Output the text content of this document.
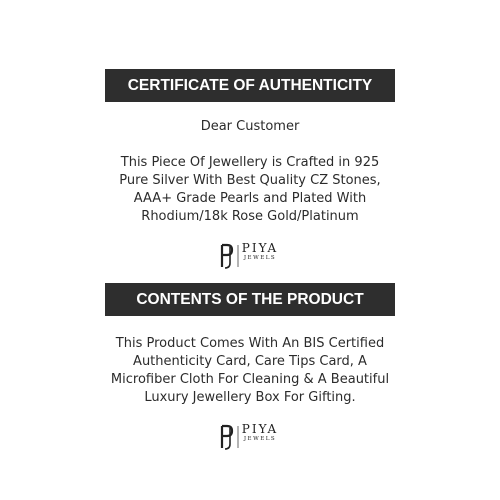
CERTIFICATE OF AUTHENTICITY
Dear Customer
This Piece Of Jewellery is Crafted in 925
Pure Silver With Best Quality CZ Stones,
AAA+ Grade Pearls and Plated With
Rhodium/18k Rose Gold/Platinum
PIYA
JEWELS
CONTENTS OF THE PRODUCT
This Product Comes With An BIS Certified
Authenticity Card, Care Tips Card, A
Microfiber Cloth For Cleaning & A Beautiful
Luxury Jewellery Box For Gifting.
PIYA
JEWELS
